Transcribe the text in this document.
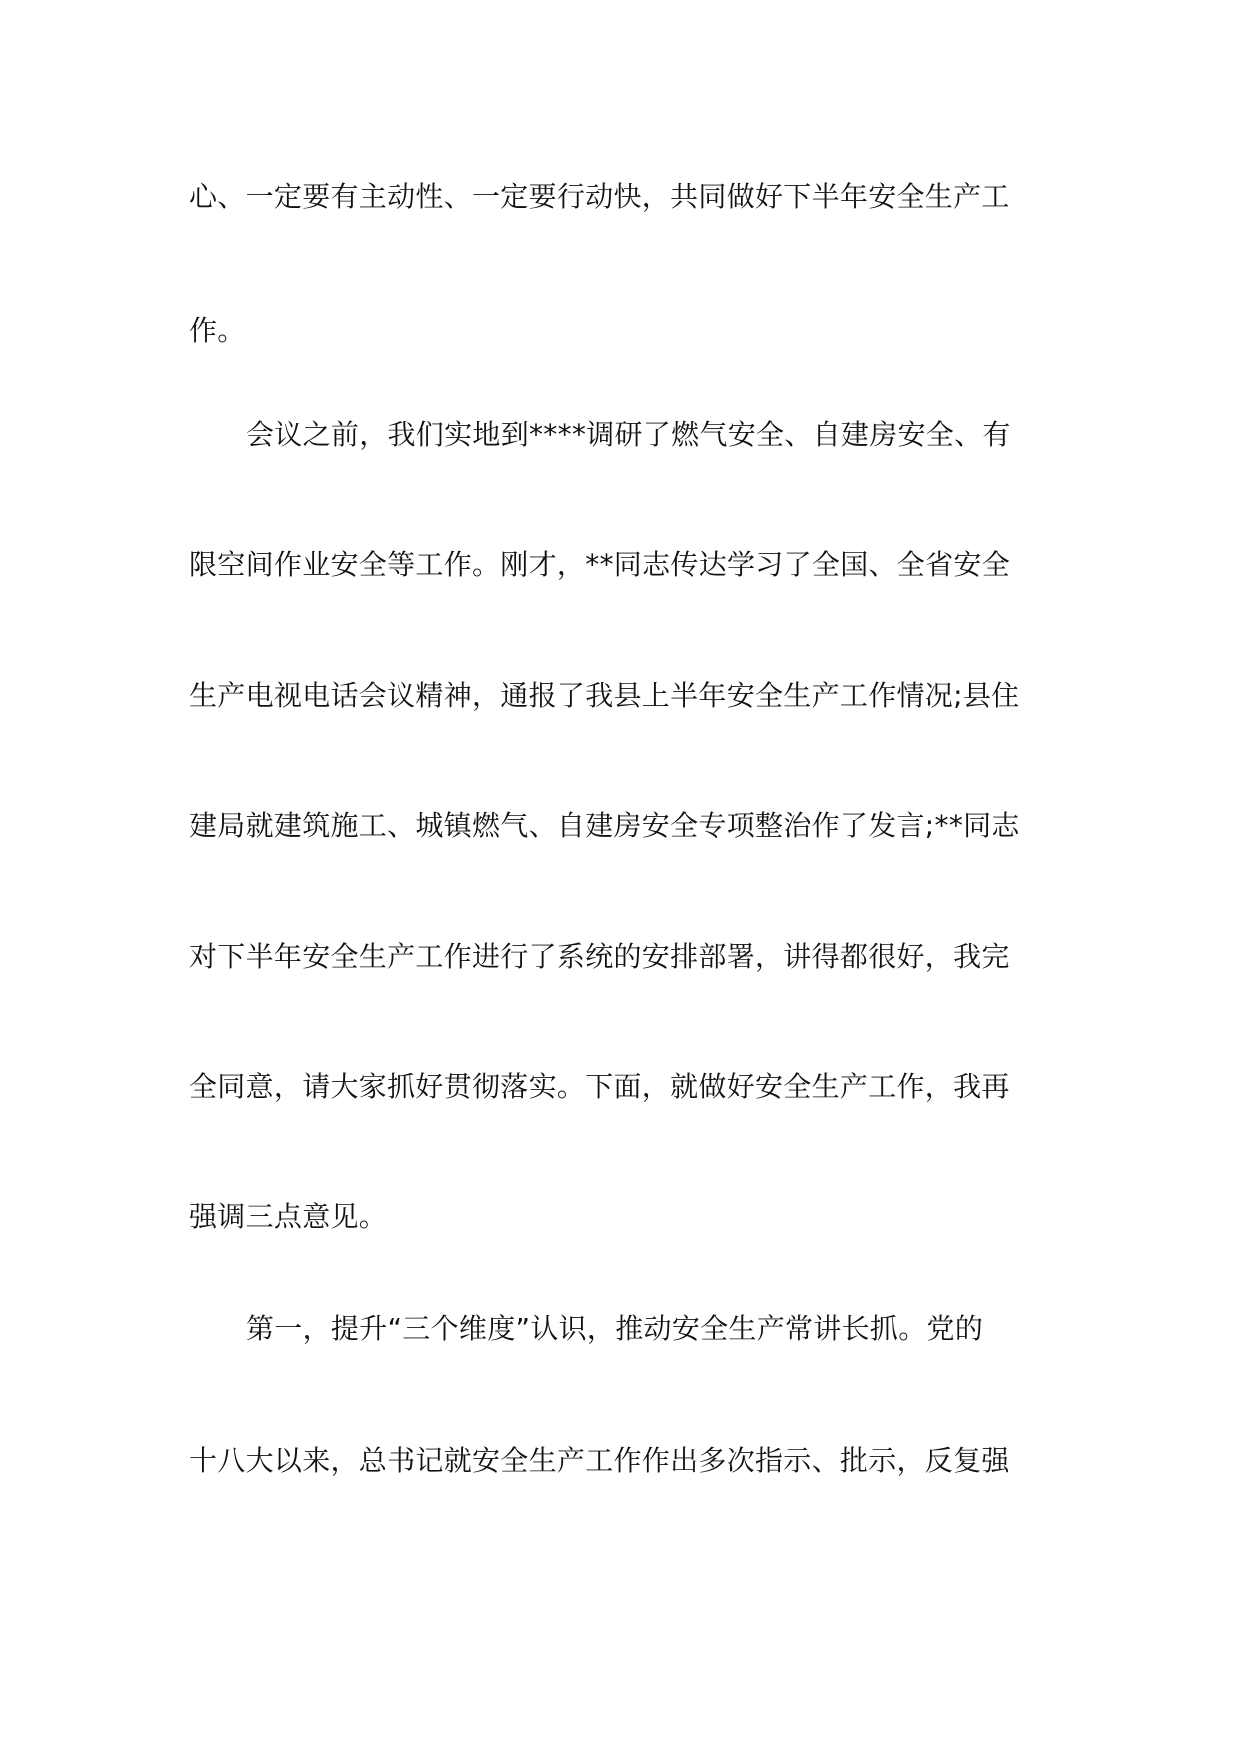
心、一定要有主动性、一定要行动快，共同做好下半年安全生产工
作。
会议之前，我们实地到****调研了燃气安全、自建房安全、有
限空间作业安全等工作。刚才，**同志传达学习了全国、全省安全
生产电视电话会议精神，通报了我县上半年安全生产工作情况;县住
建局就建筑施工、城镇燃气、自建房安全专项整治作了发言;**同志
对下半年安全生产工作进行了系统的安排部署，讲得都很好，我完
全同意，请大家抓好贯彻落实。下面，就做好安全生产工作，我再
强调三点意见。
第一，提升“三个维度”认识，推动安全生产常讲长抓。党的
十八大以来，总书记就安全生产工作作出多次指示、批示，反复强
